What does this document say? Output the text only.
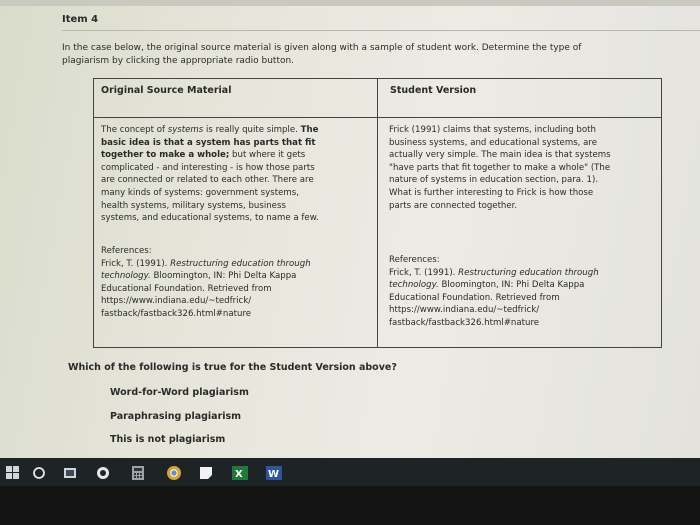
Item 4
In the case below, the original source material is given along with a sample of student work. Determine the type of
plagiarism by clicking the appropriate radio button.
Original Source Material	Student Version
The concept of systems is really quite simple. The
basic idea is that a system has parts that fit
together to make a whole; but where it gets
complicated - and interesting - is how those parts
are connected or related to each other. There are
many kinds of systems: government systems,
health systems, military systems, business
systems, and educational systems, to name a few.
References:
Frick, T. (1991). Restructuring education through
technology. Bloomington, IN: Phi Delta Kappa
Educational Foundation. Retrieved from
https://www.indiana.edu/~tedfrick/
fastback/fastback326.html#nature
Frick (1991) claims that systems, including both
business systems, and educational systems, are
actually very simple. The main idea is that systems
"have parts that fit together to make a whole" (The
nature of systems in education section, para. 1).
What is further interesting to Frick is how those
parts are connected together.
References:
Frick, T. (1991). Restructuring education through
technology. Bloomington, IN: Phi Delta Kappa
Educational Foundation. Retrieved from
https://www.indiana.edu/~tedfrick/
fastback/fastback326.html#nature
Which of the following is true for the Student Version above?
Word-for-Word plagiarism
Paraphrasing plagiarism
This is not plagiarism
X	W
